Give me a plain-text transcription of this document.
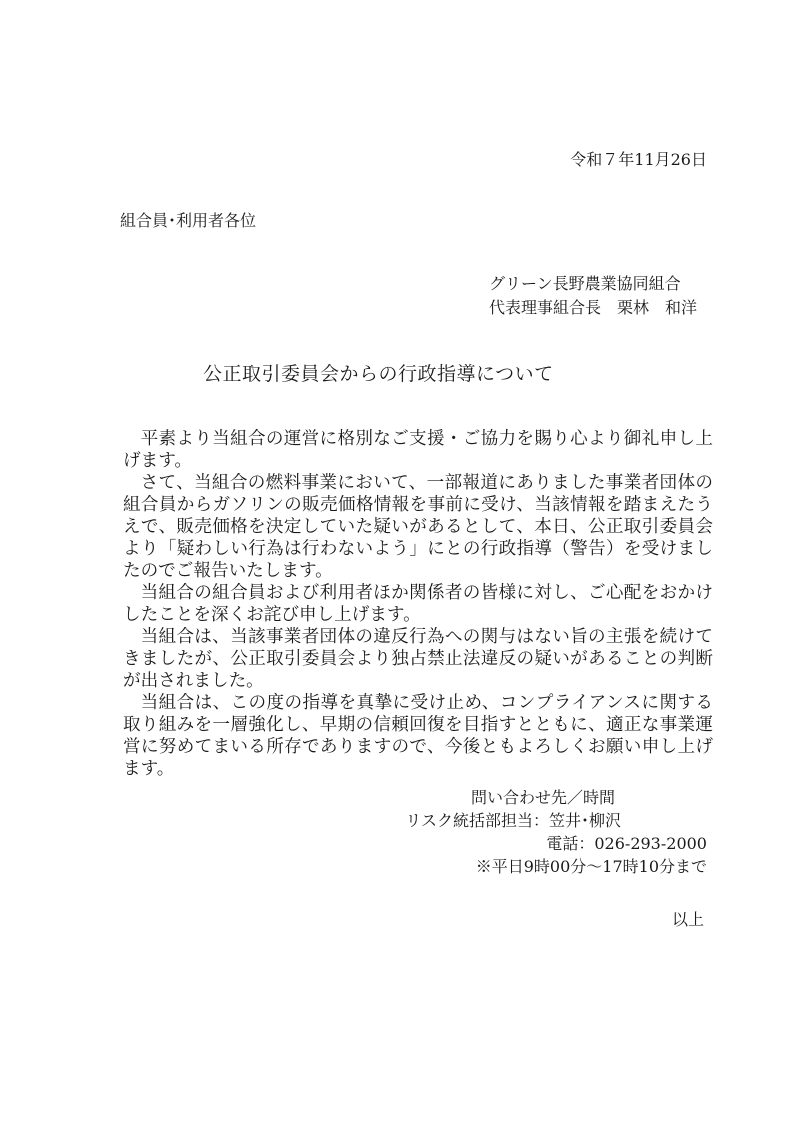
令和７年11月26日
組合員･利用者各位
グリーン長野農業協同組合
代表理事組合長　栗林　和洋
公正取引委員会からの行政指導について

平素より当組合の運営に格別なご支援・ご協力を賜り心より御礼申し上げます。

さて、当組合の燃料事業において、一部報道にありました事業者団体の組合員からガソリンの販売価格情報を事前に受け、当該情報を踏まえたうえで、販売価格を決定していた疑いがあるとして、本日、公正取引委員会より「疑わしい行為は行わないよう」にとの行政指導（警告）を受けましたのでご報告いたします。

当組合の組合員および利用者ほか関係者の皆様に対し、ご心配をおかけしたことを深くお詫び申し上げます。

当組合は、当該事業者団体の違反行為への関与はない旨の主張を続けてきましたが、公正取引委員会より独占禁止法違反の疑いがあることの判断が出されました。

当組合は、この度の指導を真摯に受け止め、コンプライアンスに関する取り組みを一層強化し、早期の信頼回復を目指すとともに、適正な事業運営に努めてまいる所存でありますので、今後ともよろしくお願い申し上げます。

問い合わせ先／時間
リスク統括部担当：笠井･柳沢
電話：026-293-2000
※平日9時00分～17時10分まで
以上
